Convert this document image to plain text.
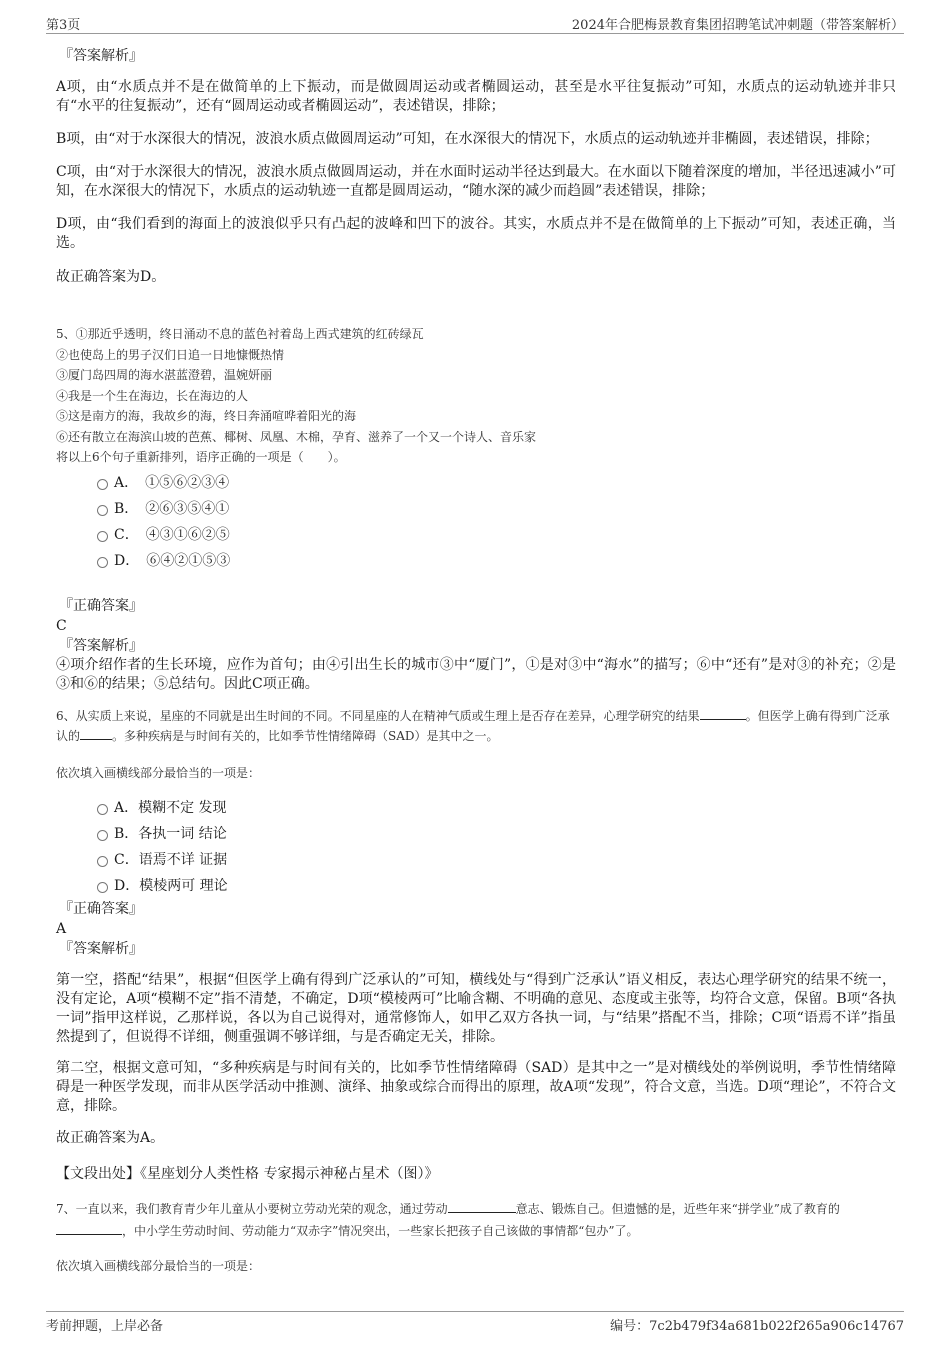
第3页	2024年合肥梅景教育集团招聘笔试冲刺题（带答案解析）
『答案解析』
A项，由“水质点并不是在做简单的上下振动，而是做圆周运动或者椭圆运动，甚至是水平往复振动”可知，水质点的运动轨迹并非只有“水平的往复振动”，还有“圆周运动或者椭圆运动”，表述错误，排除；
B项，由“对于水深很大的情况，波浪水质点做圆周运动”可知，在水深很大的情况下，水质点的运动轨迹并非椭圆，表述错误，排除；
C项，由“对于水深很大的情况，波浪水质点做圆周运动，并在水面时运动半径达到最大。在水面以下随着深度的增加，半径迅速减小”可知，在水深很大的情况下，水质点的运动轨迹一直都是圆周运动，“随水深的减少而趋圆”表述错误，排除；
D项，由“我们看到的海面上的波浪似乎只有凸起的波峰和凹下的波谷。其实，水质点并不是在做简单的上下振动”可知，表述正确，当选。
故正确答案为D。
5、①那近乎透明，终日涌动不息的蓝色衬着岛上西式建筑的红砖绿瓦
②也使岛上的男子汉们日追一日地慷慨热情
③厦门岛四周的海水湛蓝澄碧，温婉妍丽
④我是一个生在海边，长在海边的人
⑤这是南方的海，我故乡的海，终日奔涌喧哗着阳光的海
⑥还有散立在海滨山坡的芭蕉、椰树、凤凰、木棉，孕育、滋养了一个又一个诗人、音乐家
将以上6个句子重新排列，语序正确的一项是（　　）。
A．　①⑤⑥②③④
B．　②⑥③⑤④①
C．　④③①⑥②⑤
D．　⑥④②①⑤③
『正确答案』
C
『答案解析』
④项介绍作者的生长环境，应作为首句；由④引出生长的城市③中“厦门”，①是对③中“海水”的描写；⑥中“还有”是对③的补充；②是③和⑥的结果；⑤总结句。因此C项正确。
6、从实质上来说，星座的不同就是出生时间的不同。不同星座的人在精神气质或生理上是否存在差异，心理学研究的结果	。但医学上确有得到广泛承认的	。多种疾病是与时间有关的，比如季节性情绪障碍（SAD）是其中之一。
依次填入画横线部分最恰当的一项是：
A．模糊不定 发现
B．各执一词 结论
C．语焉不详 证据
D．模棱两可 理论
『正确答案』
A
『答案解析』
第一空，搭配“结果”，根据“但医学上确有得到广泛承认的”可知，横线处与“得到广泛承认”语义相反，表达心理学研究的结果不统一，没有定论，A项“模糊不定”指不清楚，不确定，D项“模棱两可”比喻含糊、不明确的意见、态度或主张等，均符合文意，保留。B项“各执一词”指甲这样说，乙那样说，各以为自己说得对，通常修饰人，如甲乙双方各执一词，与“结果”搭配不当，排除；C项“语焉不详”指虽然提到了，但说得不详细，侧重强调不够详细，与是否确定无关，排除。
第二空，根据文意可知，“多种疾病是与时间有关的，比如季节性情绪障碍（SAD）是其中之一”是对横线处的举例说明，季节性情绪障碍是一种医学发现，而非从医学活动中推测、演绎、抽象或综合而得出的原理，故A项“发现”，符合文意，当选。D项“理论”，不符合文意，排除。
故正确答案为A。
【文段出处】《星座划分人类性格 专家揭示神秘占星术（图）》
7、一直以来，我们教育青少年儿童从小要树立劳动光荣的观念，通过劳动	意志、锻炼自己。但遗憾的是，近些年来“拼学业”成了教育的，中小学生劳动时间、劳动能力“双赤字”情况突出，一些家长把孩子自己该做的事情都“包办”了。
依次填入画横线部分最恰当的一项是：
考前押题，上岸必备	编号：7c2b479f34a681b022f265a906c14767
